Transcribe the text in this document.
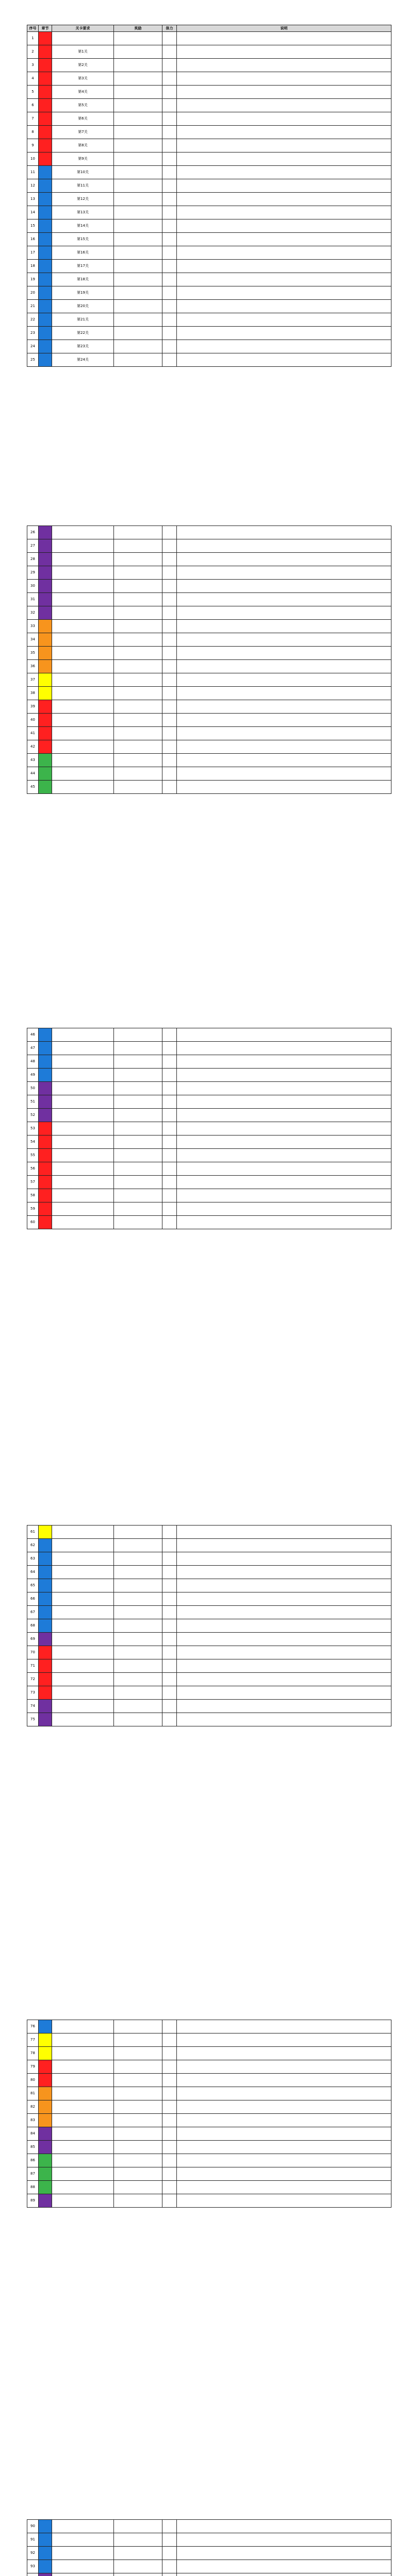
序号	章节	关卡要求	奖励	体力	说明
1					
2		第1关			
3		第2关			
4		第3关			
5		第4关			
6		第5关			
7		第6关			
8		第7关			
9		第8关			
10		第9关			
11		第10关			
12		第11关			
13		第12关			
14		第13关			
15		第14关			
16		第15关			
17		第16关			
18		第17关			
19		第18关			
20		第19关			
21		第20关			
22		第21关			
23		第22关			
24		第23关			
25		第24关			
26					
27					
28					
29					
30					
31					
32					
33					
34					
35					
36					
37					
38					
39					
40					
41					
42					
43					
44					
45					
46					
47					
48					
49					
50					
51					
52					
53					
54					
55					
56					
57					
58					
59					
60					
61					
62					
63					
64					
65					
66					
67					
68					
69					
70					
71					
72					
73					
74					
75					
76					
77					
78					
79					
80					
81					
82					
83					
84					
85					
86					
87					
88					
89					
90					
91					
92					
93					
